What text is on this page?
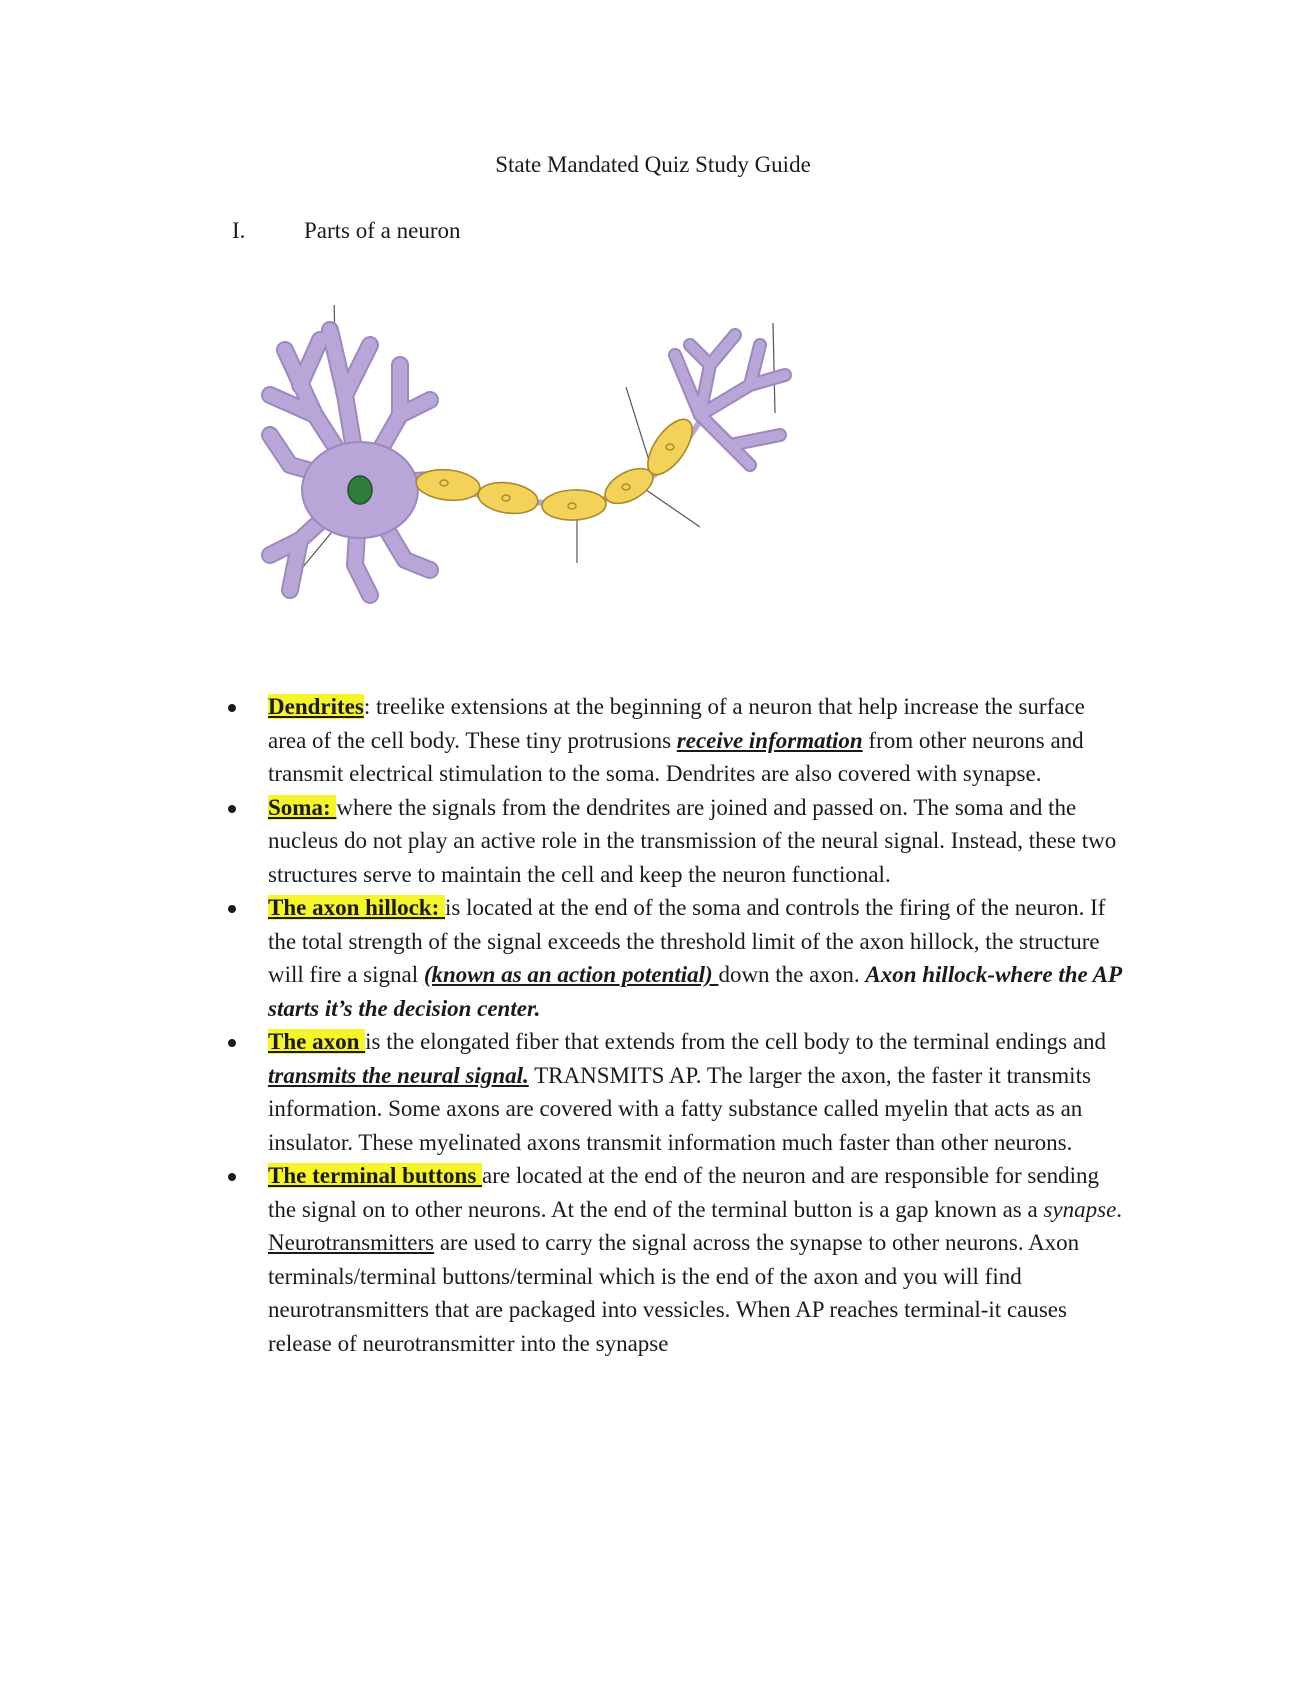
State Mandated Quiz Study Guide
I.	Parts of a neuron
Dendrites: treelike extensions at the beginning of a neuron that help increase the surface area of the cell body. These tiny protrusions receive information from other neurons and transmit electrical stimulation to the soma. Dendrites are also covered with synapse.
Soma: where the signals from the dendrites are joined and passed on. The soma and the nucleus do not play an active role in the transmission of the neural signal. Instead, these two structures serve to maintain the cell and keep the neuron functional.
The axon hillock: is located at the end of the soma and controls the firing of the neuron. If the total strength of the signal exceeds the threshold limit of the axon hillock, the structure will fire a signal (known as an action potential) down the axon. Axon hillock-where the AP starts it’s the decision center.
The axon is the elongated fiber that extends from the cell body to the terminal endings and transmits the neural signal. TRANSMITS AP. The larger the axon, the faster it transmits information. Some axons are covered with a fatty substance called myelin that acts as an insulator. These myelinated axons transmit information much faster than other neurons.
The terminal buttons are located at the end of the neuron and are responsible for sending the signal on to other neurons. At the end of the terminal button is a gap known as a synapse. Neurotransmitters are used to carry the signal across the synapse to other neurons. Axon terminals/terminal buttons/terminal which is the end of the axon and you will find neurotransmitters that are packaged into vessicles. When AP reaches terminal-it causes release of neurotransmitter into the synapse
